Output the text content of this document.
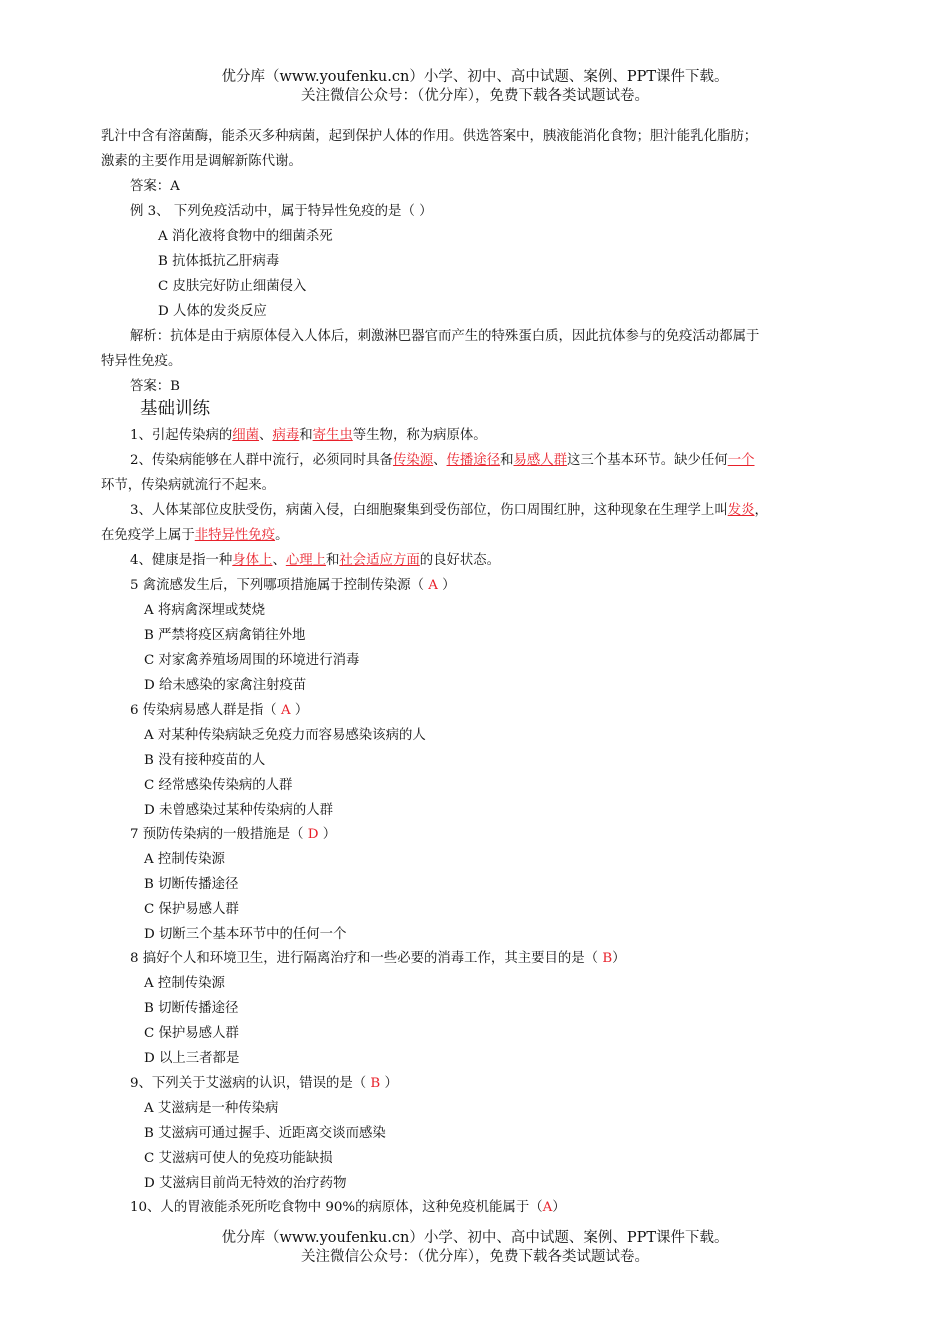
优分库（www.youfenku.cn）小学、初中、高中试题、案例、PPT课件下载。
关注微信公众号：（优分库），免费下载各类试题试卷。
乳汁中含有溶菌酶，能杀灭多种病菌，起到保护人体的作用。供选答案中，胰液能消化食物；胆汁能乳化脂肪；
激素的主要作用是调解新陈代谢。
答案：A
例 3、 下列免疫活动中，属于特异性免疫的是（ ）
A 消化液将食物中的细菌杀死
B 抗体抵抗乙肝病毒
C 皮肤完好防止细菌侵入
D 人体的发炎反应
解析：抗体是由于病原体侵入人体后，刺激淋巴器官而产生的特殊蛋白质，因此抗体参与的免疫活动都属于
特异性免疫。
答案：B
基础训练
1、引起传染病的细菌、病毒和寄生虫等生物，称为病原体。
2、传染病能够在人群中流行，必须同时具备传染源、传播途径和易感人群这三个基本环节。缺少任何一个
环节，传染病就流行不起来。
3、人体某部位皮肤受伤，病菌入侵，白细胞聚集到受伤部位，伤口周围红肿，这种现象在生理学上叫发炎，
在免疫学上属于非特异性免疫。
4、健康是指一种身体上、心理上和社会适应方面的良好状态。
5 禽流感发生后，下列哪项措施属于控制传染源（ A ）
A 将病禽深埋或焚烧
B 严禁将疫区病禽销往外地
C 对家禽养殖场周围的环境进行消毒
D 给未感染的家禽注射疫苗
6 传染病易感人群是指（ A ）
A 对某种传染病缺乏免疫力而容易感染该病的人
B 没有接种疫苗的人
C 经常感染传染病的人群
D 未曾感染过某种传染病的人群
7 预防传染病的一般措施是（ D ）
A 控制传染源
B 切断传播途径
C 保护易感人群
D 切断三个基本环节中的任何一个
8 搞好个人和环境卫生，进行隔离治疗和一些必要的消毒工作，其主要目的是（ B）
A 控制传染源
B 切断传播途径
C 保护易感人群
D 以上三者都是
9、下列关于艾滋病的认识，错误的是（ B ）
A 艾滋病是一种传染病
B 艾滋病可通过握手、近距离交谈而感染
C 艾滋病可使人的免疫功能缺损
D 艾滋病目前尚无特效的治疗药物
10、人的胃液能杀死所吃食物中 90%的病原体，这种免疫机能属于（A）
优分库（www.youfenku.cn）小学、初中、高中试题、案例、PPT课件下载。
关注微信公众号：（优分库），免费下载各类试题试卷。
